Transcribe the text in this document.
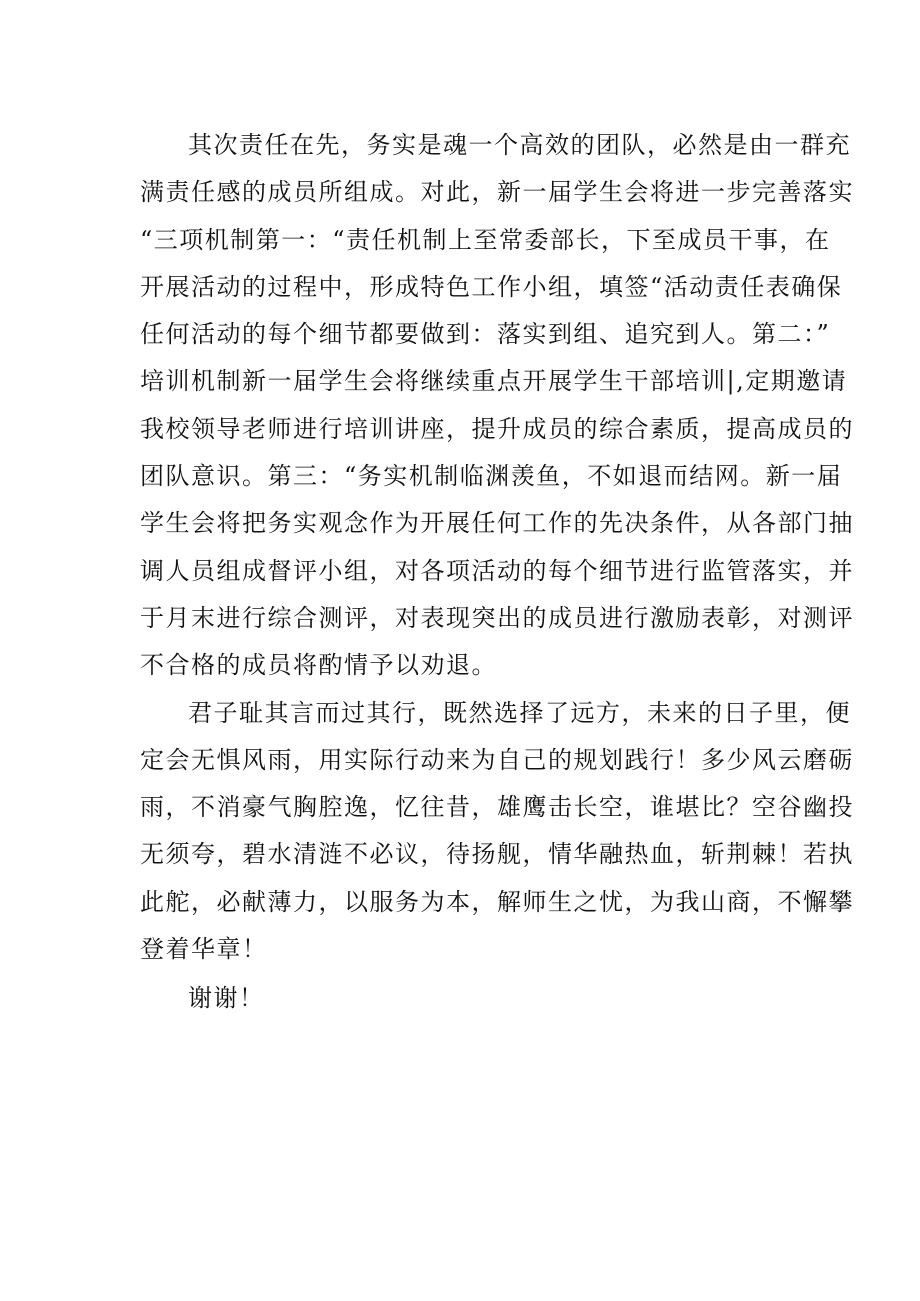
其次责任在先，务实是魂一个高效的团队，必然是由一群充
满责任感的成员所组成。对此，新一届学生会将进一步完善落实
“三项机制第一：“责任机制上至常委部长，下至成员干事，在
开展活动的过程中，形成特色工作小组，填签“活动责任表确保
任何活动的每个细节都要做到：落实到组、追究到人。第二：”
培训机制新一届学生会将继续重点开展学生干部培训|,定期邀请
我校领导老师进行培训讲座，提升成员的综合素质，提高成员的
团队意识。第三：“务实机制临渊羡鱼，不如退而结网。新一届
学生会将把务实观念作为开展任何工作的先决条件，从各部门抽
调人员组成督评小组，对各项活动的每个细节进行监管落实，并
于月末进行综合测评，对表现突出的成员进行激励表彰，对测评
不合格的成员将酌情予以劝退。
君子耻其言而过其行，既然选择了远方，未来的日子里，便
定会无惧风雨，用实际行动来为自己的规划践行！多少风云磨砺
雨，不消豪气胸腔逸，忆往昔，雄鹰击长空，谁堪比？空谷幽投
无须夸，碧水清涟不必议，待扬舰，情华融热血，斩荆棘！若执
此舵，必献薄力，以服务为本，解师生之忧，为我山商，不懈攀
登着华章！
谢谢！
